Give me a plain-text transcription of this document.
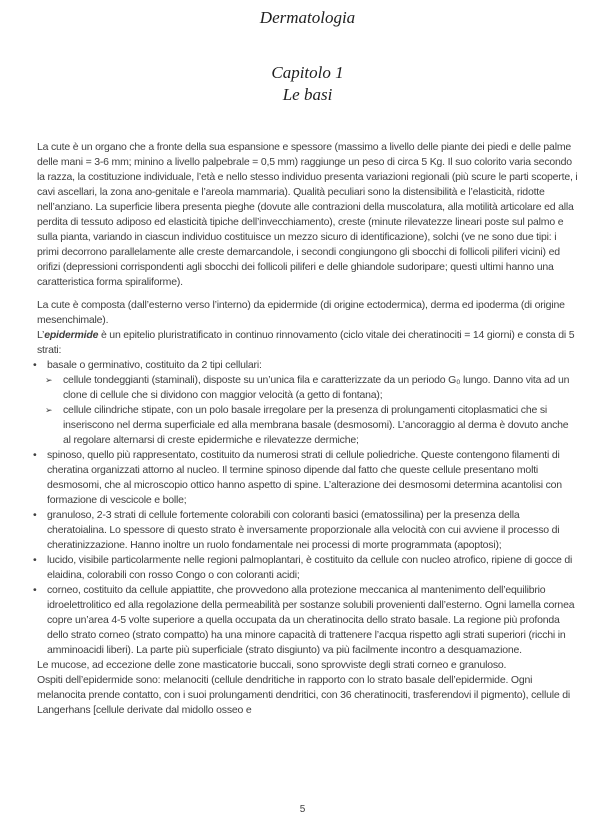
Dermatologia
Capitolo 1
Le basi

La cute è un organo che a fronte della sua espansione e spessore (massimo a livello delle piante dei piedi e delle palme delle mani = 3-6 mm; minino a livello palpebrale = 0,5 mm) raggiunge un peso di circa 5 Kg. Il suo colorito varia secondo la razza, la costituzione individuale, l’età e nello stesso individuo presenta variazioni regionali (più scure le parti scoperte, i cavi ascellari, la zona ano-genitale e l’areola mammaria). Qualità peculiari sono la distensibilità e l’elasticità, ridotte nell’anziano. La superficie libera presenta pieghe (dovute alle contrazioni della muscolatura, alla motilità articolare ed alla perdita di tessuto adiposo ed elasticità tipiche dell’invecchiamento), creste (minute rilevatezze lineari poste sul palmo e sulla pianta, variando in ciascun individuo costituisce un mezzo sicuro di identificazione), solchi (ve ne sono due tipi: i primi decorrono parallelamente alle creste demarcandole, i secondi congiungono gli sbocchi di follicoli piliferi vicini) ed orifizi (depressioni corrispondenti agli sbocchi dei follicoli piliferi e delle ghiandole sudoripare; questi ultimi hanno una caratteristica forma spiraliforme).

La cute è composta (dall’esterno verso l’interno) da epidermide (di origine ectodermica), derma ed ipoderma (di origine mesenchimale).

L’epidermide è un epitelio pluristratificato in continuo rinnovamento (ciclo vitale dei cheratinociti = 14 giorni) e consta di 5 strati:

•	basale o germinativo, costituito da 2 tipi cellulari:
➢	cellule tondeggianti (staminali), disposte su un’unica fila e caratterizzate da un periodo G₀ lungo. Danno vita ad un clone di cellule che si dividono con maggior velocità (a getto di fontana);
➢	cellule cilindriche stipate, con un polo basale irregolare per la presenza di prolungamenti citoplasmatici che si inseriscono nel derma superficiale ed alla membrana basale (desmosomi). L’ancoraggio al derma è dovuto anche al regolare alternarsi di creste epidermiche e rilevatezze dermiche;
•	spinoso, quello più rappresentato, costituito da numerosi strati di cellule poliedriche. Queste contengono filamenti di cheratina organizzati attorno al nucleo. Il termine spinoso dipende dal fatto che queste cellule presentano molti desmosomi, che al microscopio ottico hanno aspetto di spine. L’alterazione dei desmosomi determina acantolisi con formazione di vescicole e bolle;
•	granuloso, 2-3 strati di cellule fortemente colorabili con coloranti basici (ematossilina) per la presenza della cheratoialina. Lo spessore di questo strato è inversamente proporzionale alla velocità con cui avviene il processo di cheratinizzazione. Hanno inoltre un ruolo fondamentale nei processi di morte programmata (apoptosi);
•	lucido, visibile particolarmente nelle regioni palmoplantari, è costituito da cellule con nucleo atrofico, ripiene di gocce di elaidina, colorabili con rosso Congo o con coloranti acidi;
•	corneo, costituito da cellule appiattite, che provvedono alla protezione meccanica al mantenimento dell’equilibrio idroelettrolitico ed alla regolazione della permeabilità per sostanze solubili provenienti dall’esterno. Ogni lamella cornea copre un’area 4-5 volte superiore a quella occupata da un cheratinocita dello strato basale. La regione più profonda dello strato corneo (strato compatto) ha una minore capacità di trattenere l’acqua rispetto agli strati superiori (ricchi in amminoacidi liberi). La parte più superficiale (strato disgiunto) va più facilmente incontro a desquamazione.

Le mucose, ad eccezione delle zone masticatorie buccali, sono sprovviste degli strati corneo e granuloso.

Ospiti dell’epidermide sono: melanociti (cellule dendritiche in rapporto con lo strato basale dell’epidermide. Ogni melanocita prende contatto, con i suoi prolungamenti dendritici, con 36 cheratinociti, trasferendovi il pigmento), cellule di Langerhans [cellule derivate dal midollo osseo e

5
